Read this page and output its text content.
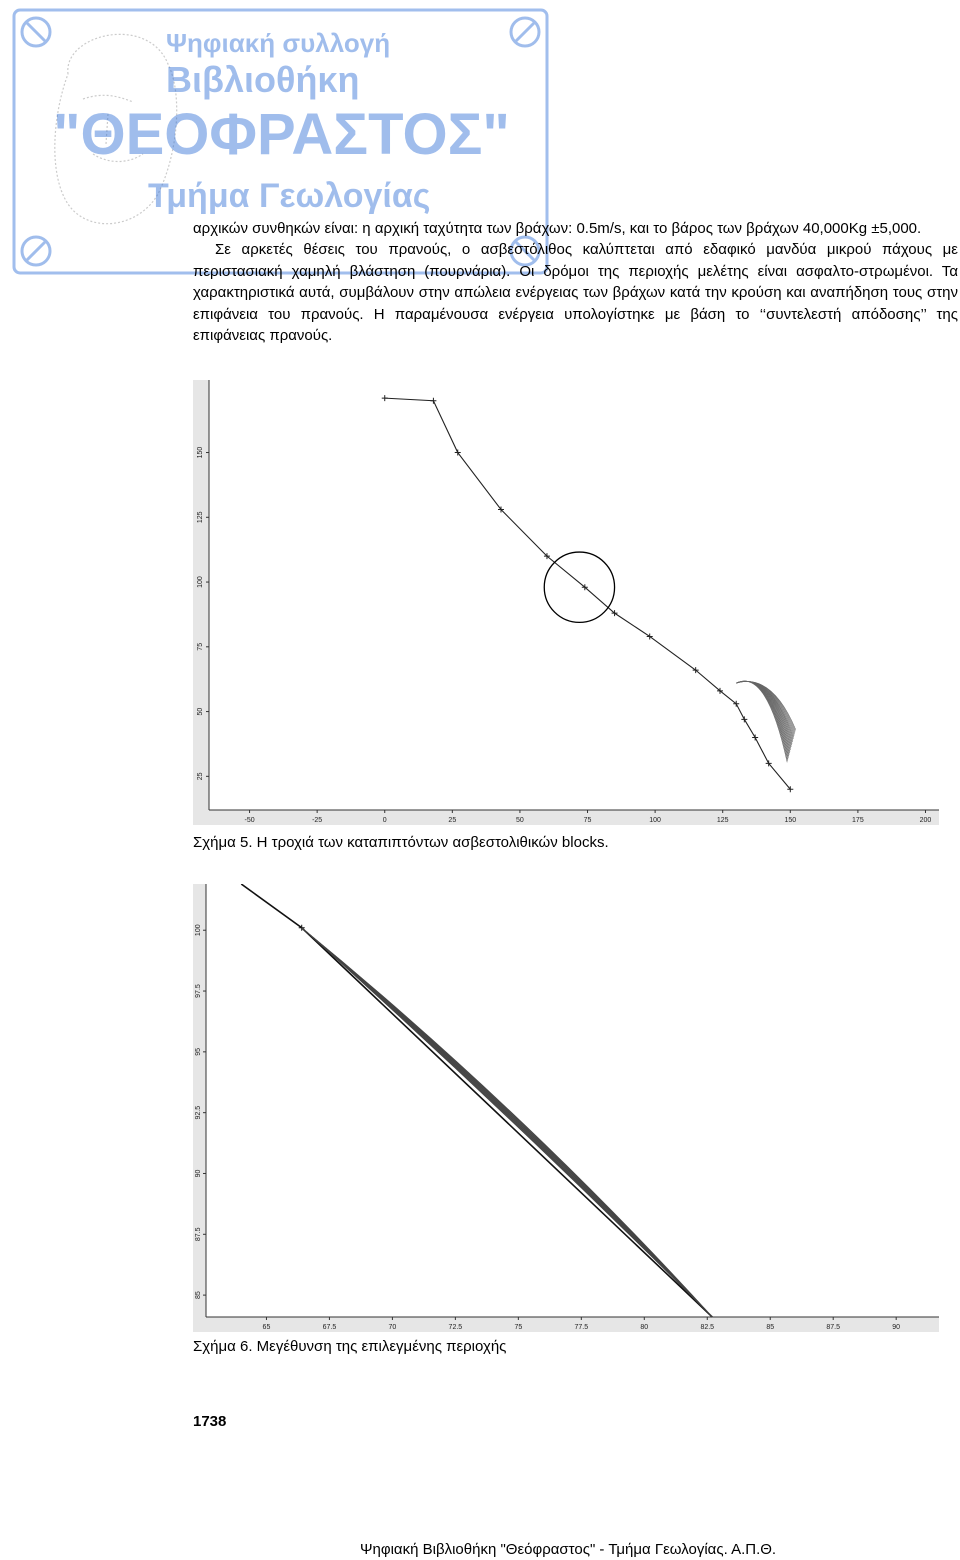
Ψηφιακή συλλογή
Βιβλιοθήκη
"ΘΕΟΦΡΑΣΤΟΣ"
Τμήμα Γεωλογίας

αρχικών συνθηκών είναι: η αρχική ταχύτητα των βράχων: 0.5m/s, και το βάρος των βράχων 40,000Kg ±5,000.

Σε αρκετές θέσεις του πρανούς, ο ασβεστόλιθος καλύπτεται από εδαφικό μανδύα μικρού πάχους με περιστασιακή χαμηλή βλάστηση (πουρνάρια). Οι δρόμοι της περιοχής μελέτης είναι ασφαλτο-στρωμένοι. Τα χαρακτηριστικά αυτά, συμβάλουν στην απώλεια ενέργειας των βράχων κατά την κρούση και αναπήδηση τους στην επιφάνεια του πρανούς. Η παραμένουσα ενέργεια υπολογίστηκε με βάση το ‘‘συντελεστή απόδοσης’’ της επιφάνειας πρανούς.

-50	-25	0	25	50	75	100	125	150	175	200
150
125
100
75
50
25
Σχήμα 5. Η τροχιά των καταπιπτόντων ασβεστολιθικών blocks.
65	67.5	70	72.5	75	77.5	80	82.5	85	87.5	90
100
97.5
95
92.5
90
87.5
85
Σχήμα 6. Μεγέθυνση της επιλεγμένης περιοχής
1738
Ψηφιακή Βιβλιοθήκη "Θεόφραστος" - Τμήμα Γεωλογίας. Α.Π.Θ.
